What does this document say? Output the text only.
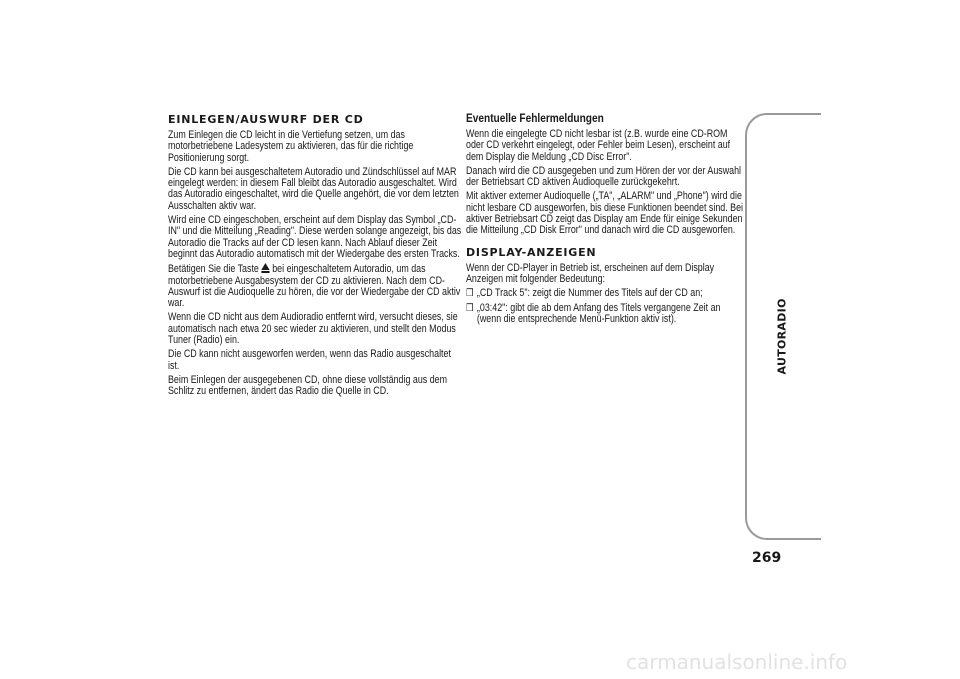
EINLEGEN/AUSWURF DER CD

Zum Einlegen die CD leicht in die Vertiefung setzen, um das motorbetriebene Ladesystem zu aktivieren, das für die richtige Positionierung sorgt.

Die CD kann bei ausgeschaltetem Autoradio und Zündschlüssel auf MAR eingelegt werden: in diesem Fall bleibt das Autoradio ausgeschaltet. Wird das Autoradio eingeschaltet, wird die Quelle angehört, die vor dem letzten Ausschalten aktiv war.

Wird eine CD eingeschoben, erscheint auf dem Display das Symbol „CD-IN" und die Mitteilung „Reading". Diese werden solange angezeigt, bis das Autoradio die Tracks auf der CD lesen kann. Nach Ablauf dieser Zeit beginnt das Autoradio automatisch mit der Wiedergabe des ersten Tracks.

Betätigen Sie die Taste bei eingeschaltetem Autoradio, um das motorbetriebene Ausgabesystem der CD zu aktivieren. Nach dem CD-Auswurf ist die Audioquelle zu hören, die vor der Wiedergabe der CD aktiv war.

Wenn die CD nicht aus dem Audioradio entfernt wird, versucht dieses, sie automatisch nach etwa 20 sec wieder zu aktivieren, und stellt den Modus Tuner (Radio) ein.

Die CD kann nicht ausgeworfen werden, wenn das Radio ausgeschaltet ist.

Beim Einlegen der ausgegebenen CD, ohne diese vollständig aus dem Schlitz zu entfernen, ändert das Radio die Quelle in CD.

Eventuelle Fehlermeldungen

Wenn die eingelegte CD nicht lesbar ist (z.B. wurde eine CD-ROM oder CD verkehrt eingelegt, oder Fehler beim Lesen), erscheint auf dem Display die Meldung „CD Disc Error".

Danach wird die CD ausgegeben und zum Hören der vor der Auswahl der Betriebsart CD aktiven Audioquelle zurückgekehrt.

Mit aktiver externer Audioquelle („TA", „ALARM" und „Phone") wird die nicht lesbare CD ausgeworfen, bis diese Funktionen beendet sind. Bei aktiver Betriebsart CD zeigt das Display am Ende für einige Sekunden die Mitteilung „CD Disk Error" und danach wird die CD ausgeworfen.

DISPLAY-ANZEIGEN

Wenn der CD-Player in Betrieb ist, erscheinen auf dem Display Anzeigen mit folgender Bedeutung:

❒ „CD Track 5": zeigt die Nummer des Titels auf der CD an;

❒ „03:42": gibt die ab dem Anfang des Titels vergangene Zeit an (wenn die entsprechende Menü-Funktion aktiv ist).	AUTORADIO
269
carmanualsonline.info
